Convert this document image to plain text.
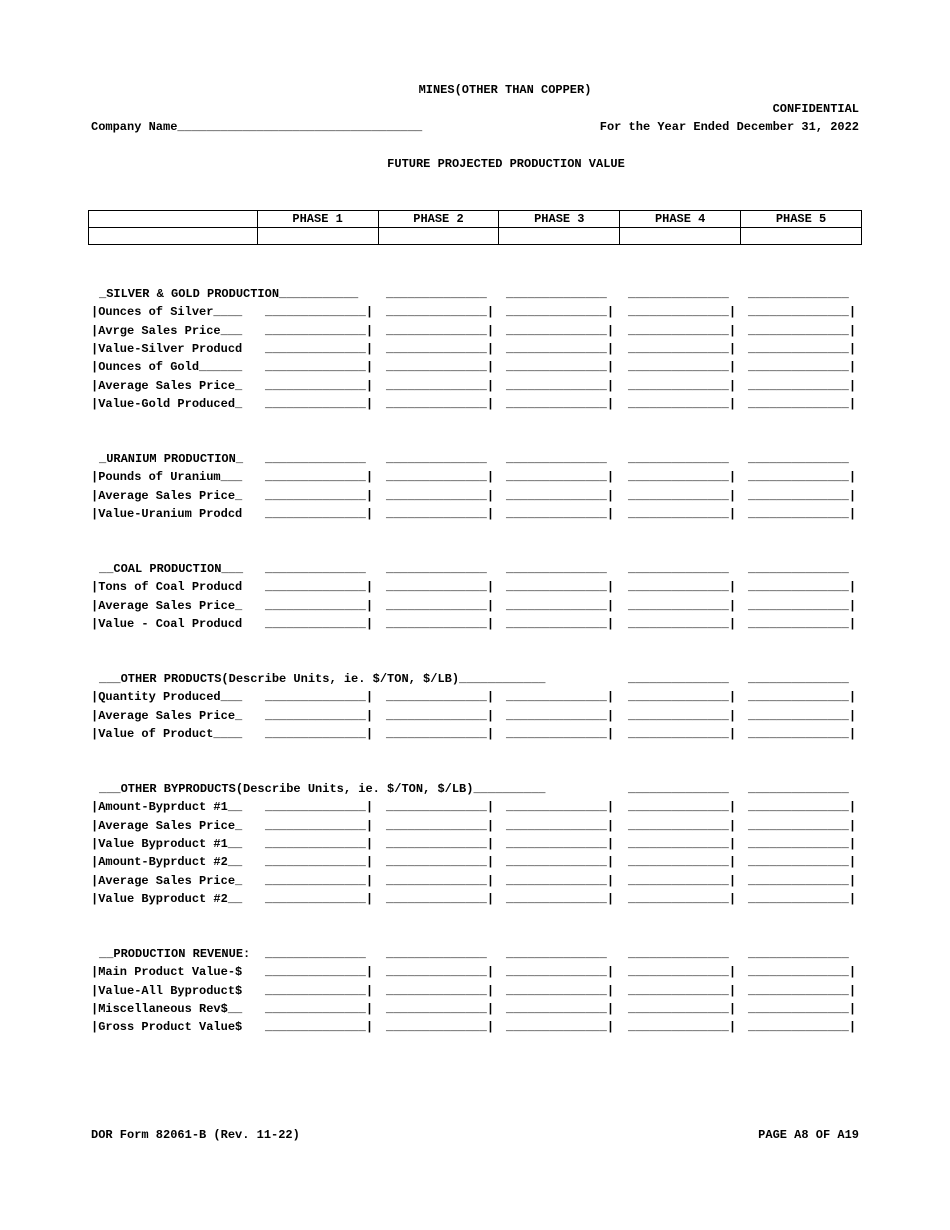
MINES(OTHER THAN COPPER)
CONFIDENTIAL
Company Name__________________________________	For the Year Ended December 31, 2022
FUTURE PROJECTED PRODUCTION VALUE
	PHASE 1	PHASE 2	PHASE 3	PHASE 4	PHASE 5

_SILVER & GOLD PRODUCTION___________ ______________ ______________ ______________ ______________
|Ounces of Silver____ ______________| ______________| ______________| ______________| ______________|
|Avrge Sales Price___ ______________| ______________| ______________| ______________| ______________|
|Value-Silver Producd ______________| ______________| ______________| ______________| ______________|
|Ounces of Gold______ ______________| ______________| ______________| ______________| ______________|
|Average Sales Price_ ______________| ______________| ______________| ______________| ______________|
|Value-Gold Produced_ ______________| ______________| ______________| ______________| ______________|
_URANIUM PRODUCTION_ ______________ ______________ ______________ ______________ ______________
|Pounds of Uranium___ ______________| ______________| ______________| ______________| ______________|
|Average Sales Price_ ______________| ______________| ______________| ______________| ______________|
|Value-Uranium Prodcd ______________| ______________| ______________| ______________| ______________|
__COAL PRODUCTION___ ______________ ______________ ______________ ______________ ______________
|Tons of Coal Producd ______________| ______________| ______________| ______________| ______________|
|Average Sales Price_ ______________| ______________| ______________| ______________| ______________|
|Value - Coal Producd ______________| ______________| ______________| ______________| ______________|
___OTHER PRODUCTS(Describe Units, ie. $/TON, $/LB)____________	______________ ______________
|Quantity Produced___ ______________| ______________| ______________| ______________| ______________|
|Average Sales Price_ ______________| ______________| ______________| ______________| ______________|
|Value of Product____ ______________| ______________| ______________| ______________| ______________|
___OTHER BYPRODUCTS(Describe Units, ie. $/TON, $/LB)__________	______________ ______________
|Amount-Byprduct #1__ ______________| ______________| ______________| ______________| ______________|
|Average Sales Price_ ______________| ______________| ______________| ______________| ______________|
|Value Byproduct #1__ ______________| ______________| ______________| ______________| ______________|
|Amount-Byprduct #2__ ______________| ______________| ______________| ______________| ______________|
|Average Sales Price_ ______________| ______________| ______________| ______________| ______________|
|Value Byproduct #2__ ______________| ______________| ______________| ______________| ______________|
__PRODUCTION REVENUE: ______________ ______________ ______________ ______________ ______________
|Main Product Value-$ ______________| ______________| ______________| ______________| ______________|
|Value-All Byproduct$ ______________| ______________| ______________| ______________| ______________|
|Miscellaneous Rev$__ ______________| ______________| ______________| ______________| ______________|
|Gross Product Value$ ______________| ______________| ______________| ______________| ______________|
DOR Form 82061-B (Rev. 11-22)	PAGE A8 OF A19
